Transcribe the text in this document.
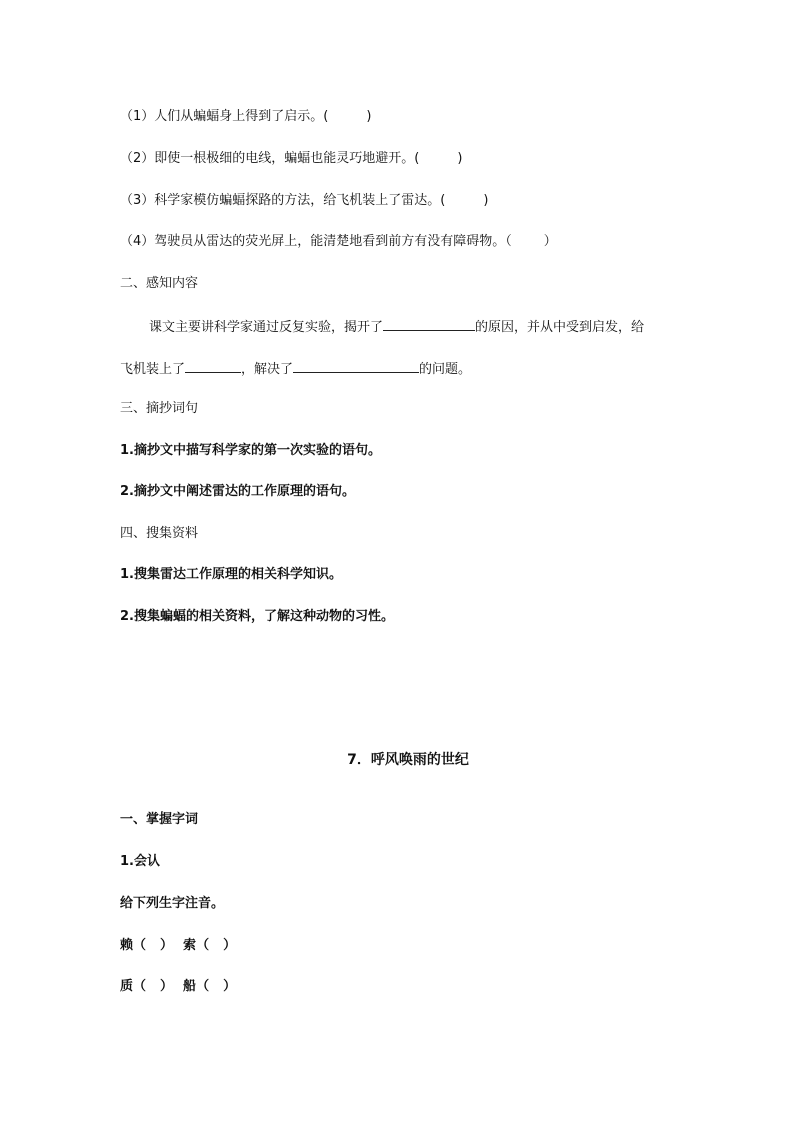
（1）人们从蝙蝠身上得到了启示。(	)
（2）即使一根极细的电线，蝙蝠也能灵巧地避开。(	)
（3）科学家模仿蝙蝠探路的方法，给飞机装上了雷达。(	)
（4）驾驶员从雷达的荧光屏上，能清楚地看到前方有没有障碍物。（ ）
二、感知内容
课文主要讲科学家通过反复实验，揭开了	的原因，并从中受到启发，给
飞机装上了	，解决了	的问题。
三、摘抄词句
1.摘抄文中描写科学家的第一次实验的语句。
2.摘抄文中阐述雷达的工作原理的语句。
四、搜集资料
1.搜集雷达工作原理的相关科学知识。
2.搜集蝙蝠的相关资料，了解这种动物的习性。
7．呼风唤雨的世纪
一、掌握字词
1.会认
给下列生字注音。
赖（ ） 索（ ）
质（ ） 船（ ）
